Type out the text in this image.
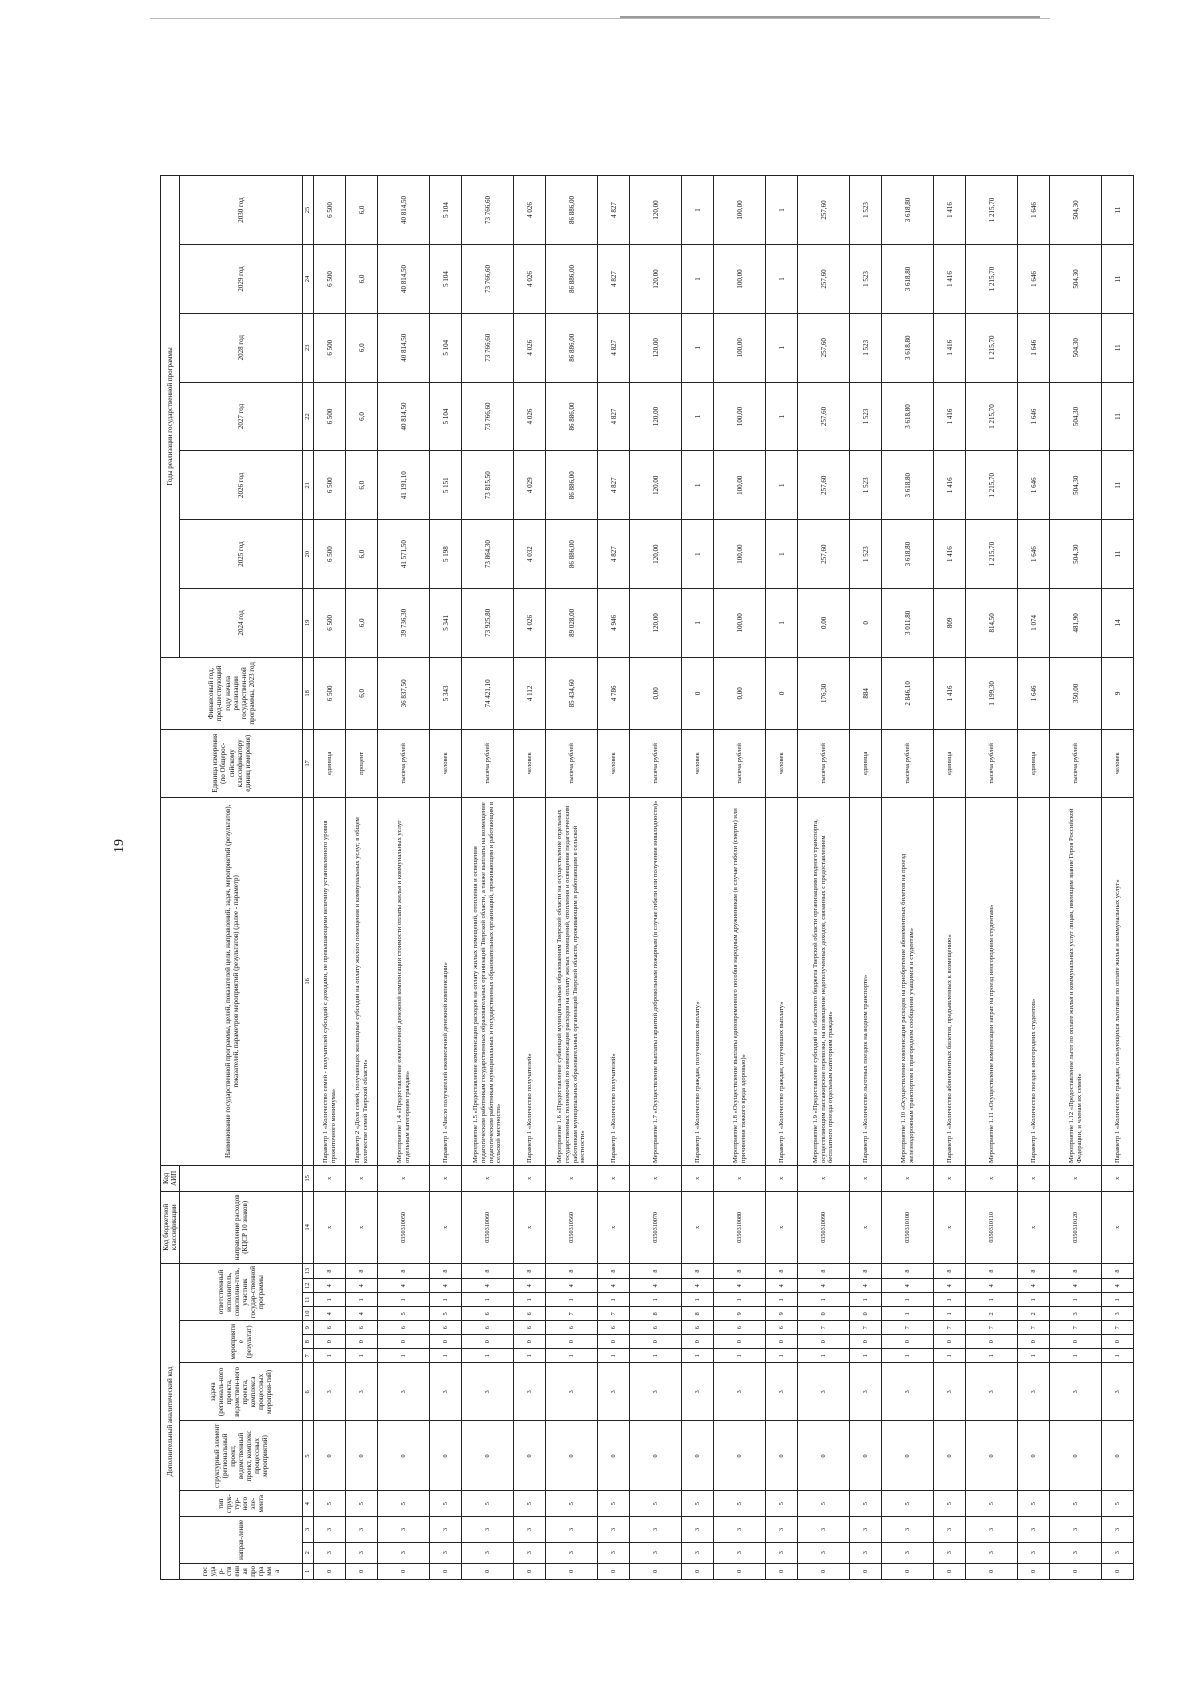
19
Дополнительный аналитический код													Код бюджетной классификации	Код АИП	Наименование государственной программы, целей, показателей цели, направлений, задач, мероприятий (результатов), показателей, параметров мероприятий (результатов) (далее - параметр)	Единица измерения (по Общерос-сийскому классификатору единиц измерения)	Финансовый год, пред-шествующий году начала реализации государствен-ной программы, 2023 год	Годы реализации государственной программы						
государ-ственная программа	направ-ление		тип струк-тур-ного эле-мента	структурный элемент (региональный проект, ведомственный проект, комплекс процессных мероприятий)	задача (региональ-ного проекта, ведомствен-ного проекта, комплекса процессных мероприя-тий)	мероприятие (результат)			ответственный исполнитель, соисполни-тель, участник государ-ственной программы				направление расходов (КЦСР 10 знаков)					2024 год	2025 год	2026 год	2027 год	2028 год	2029 год	2030 год

1	2	3	4	5	6	7	8	9	10	11	12	13	14	15	16	17	18	19	20	21	22	23	24	25
0	3	3	5	0	3	1	0	6	4	1	4	8	x	x	Параметр 1 «Количество семей - получателей субсидий с доходами, не превышающими величину установленного уровня прожиточного минимума»	единица	6 500	6 500	6 500	6 500	6 500	6 500	6 500	6 500
0	3	3	5	0	3	1	0	6	4	1	4	8	x	x	Параметр 2 «Доля семей, получающих жилищные субсидии на оплату жилого помещения и коммунальных услуг, в общем количестве семей Тверской области»	процент	6,0	6,0	6,0	6,0	6,0	6,0	6,0	6,0
0	3	3	5	0	3	1	0	6	5	1	4	8	0350310050	x	Мероприятие 1.4 «Предоставление ежемесячной денежной компенсации стоимости оплаты жилья и коммунальных услуг отдельным категориям граждан»	тысяча рублей	36 837,50	39 736,30	41 571,50	41 191,10	40 814,50	40 814,50	40 814,50	40 814,50
0	3	3	5	0	3	1	0	6	5	1	4	8	x	x	Параметр 1 «Число получателей ежемесячной денежной компенсации»	человек	5 343	5 341	5 198	5 151	5 104	5 104	5 104	5 104
0	3	3	5	0	3	1	0	6	6	1	4	8	0350310060	x	Мероприятие 1.5 «Предоставление компенсации расходов на оплату жилых помещений, отопления и освещения педагогическим работникам государственных образовательных организаций Тверской области, а также выплаты на возмещение педагогическим работникам муниципальных и государственных образовательных организаций, проживающим и работающим в сельской местности»	тысяча рублей	74 421,10	73 925,80	73 864,30	73 815,50	73 766,60	73 766,60	73 766,60	73 766,60
0	3	3	5	0	3	1	0	6	6	1	4	8	x	x	Параметр 1 «Количество получателей»	человек	4 112	4 026	4 032	4 029	4 026	4 026	4 026	4 026
0	3	3	5	0	3	1	0	6	7	1	4	8	0350310560	x	Мероприятие 1.6 «Предоставление субвенций муниципальным образованиям Тверской области на осуществление отдельных государственных полномочий по компенсации расходов на оплату жилых помещений, отопления и освещения педагогическим работникам муниципальных образовательных организаций Тверской области, проживающим и работающим в сельской местности»	тысяча рублей	85 434,60	89 028,00	86 886,00	86 886,00	86 886,00	86 886,00	86 886,00	86 886,00
0	3	3	5	0	3	1	0	6	7	1	4	8	x	x	Параметр 1 «Количество получателей»	человек	4 786	4 946	4 827	4 827	4 827	4 827	4 827	4 827
0	3	3	5	0	3	1	0	6	8	1	4	8	0350310070	x	Мероприятие 1.7 «Осуществление выплаты гарантий добровольным пожарным (в случае гибели или получения инвалидности)»	тысяча рублей	0,00	120,00	120,00	120,00	120,00	120,00	120,00	120,00
0	3	3	5	0	3	1	0	6	8	1	4	8	x	x	Параметр 1 «Количество граждан, получивших выплату»	человек	0	1	1	1	1	1	1	1
0	3	3	5	0	3	1	0	6	9	1	4	8	0350310080	x	Мероприятие 1.8 «Осуществление выплаты единовременного пособия народным дружинникам (в случае гибели (смерти) или причинения тяжкого вреда здоровью)»	тысяча рублей	0,00	100,00	100,00	100,00	100,00	100,00	100,00	100,00
0	3	3	5	0	3	1	0	6	9	1	4	8	x	x	Параметр 1 «Количество граждан, получивших выплату»	человек	0	1	1	1	1	1	1	1
0	3	3	5	0	3	1	0	7	0	1	4	8	0350310090	x	Мероприятие 1.9 «Предоставление субсидий из областного бюджета Тверской области организациям водного транспорта, осуществляющим пассажирские перевозки, на возмещение недополученных доходов, связанных с предоставлением бесплатного проезда отдельным категориям граждан»	тысяча рублей	176,30	0,00	257,60	257,60	257,60	257,60	257,60	257,60
0	3	3	5	0	3	1	0	7	0	1	4	8	x	x	Параметр 1 «Количество льготных поездок на водном транспорте»	единица	884	0	1 523	1 523	1 523	1 523	1 523	1 523
0	3	3	5	0	3	1	0	7	1	1	4	8	0350310100	x	Мероприятие 1.10 «Осуществление компенсации расходов на приобретение абонементных билетов на проезд железнодорожным транспортом в пригородном сообщении учащимся и студентам»	тысяча рублей	2 846,10	3 011,80	3 618,80	3 618,80	3 618,80	3 618,80	3 618,80	3 618,80
0	3	3	5	0	3	1	0	7	1	1	4	8	x	x	Параметр 1 «Количество абонементных билетов, предъявленных к возмещению»	единица	1 416	809	1 416	1 416	1 416	1 416	1 416	1 416
0	3	3	5	0	3	1	0	7	2	1	4	8	0350310110	x	Мероприятие 1.11 «Осуществление компенсации затрат на проезд иногородним студентам»	тысяча рублей	1 199,30	814,50	1 215,70	1 215,70	1 215,70	1 215,70	1 215,70	1 215,70
0	3	3	5	0	3	1	0	7	2	1	4	8	x	x	Параметр 1 «Количество поездок иногородних студентов»	единица	1 646	1 074	1 646	1 646	1 646	1 646	1 646	1 646
0	3	3	5	0	3	1	0	7	3	1	4	8	0350310120	x	Мероприятие 1.12 «Предоставление льгот по оплате жилья и коммунальных услуг лицам, имеющим звание Героя Российской Федерации, и членам их семей»	тысяча рублей	350,00	481,90	504,30	504,30	504,30	504,30	504,30	504,30
0	3	3	5	0	3	1	0	7	3	1	4	8	x	x	Параметр 1 «Количество граждан, пользующихся льготами по оплате жилья и коммунальных услуг»	человек	9	14	11	11	11	11	11	11
